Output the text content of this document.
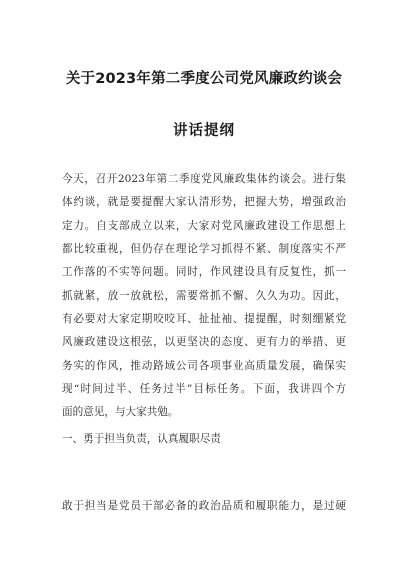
关于2023年第二季度公司党风廉政约谈会
讲话提纲
今天，召开2023年第二季度党风廉政集体约谈会。进行集
体约谈，就是要提醒大家认清形势，把握大势，增强政治
定力。自支部成立以来，大家对党风廉政建设工作思想上
都比较重视，但仍存在理论学习抓得不紧、制度落实不严
工作落的不实等问题。同时，作风建设具有反复性，抓一
抓就紧，放一放就松，需要常抓不懈、久久为功。因此，
有必要对大家定期咬咬耳、扯扯袖、提提醒，时刻绷紧党
风廉政建设这根弦，以更坚决的态度、更有力的举措、更
务实的作风，推动路域公司各项事业高质量发展，确保实
现“时间过半、任务过半”目标任务。下面，我讲四个方
面的意见，与大家共勉。
一、勇于担当负责，认真履职尽责
敢于担当是党员干部必备的政治品质和履职能力，是过硬
